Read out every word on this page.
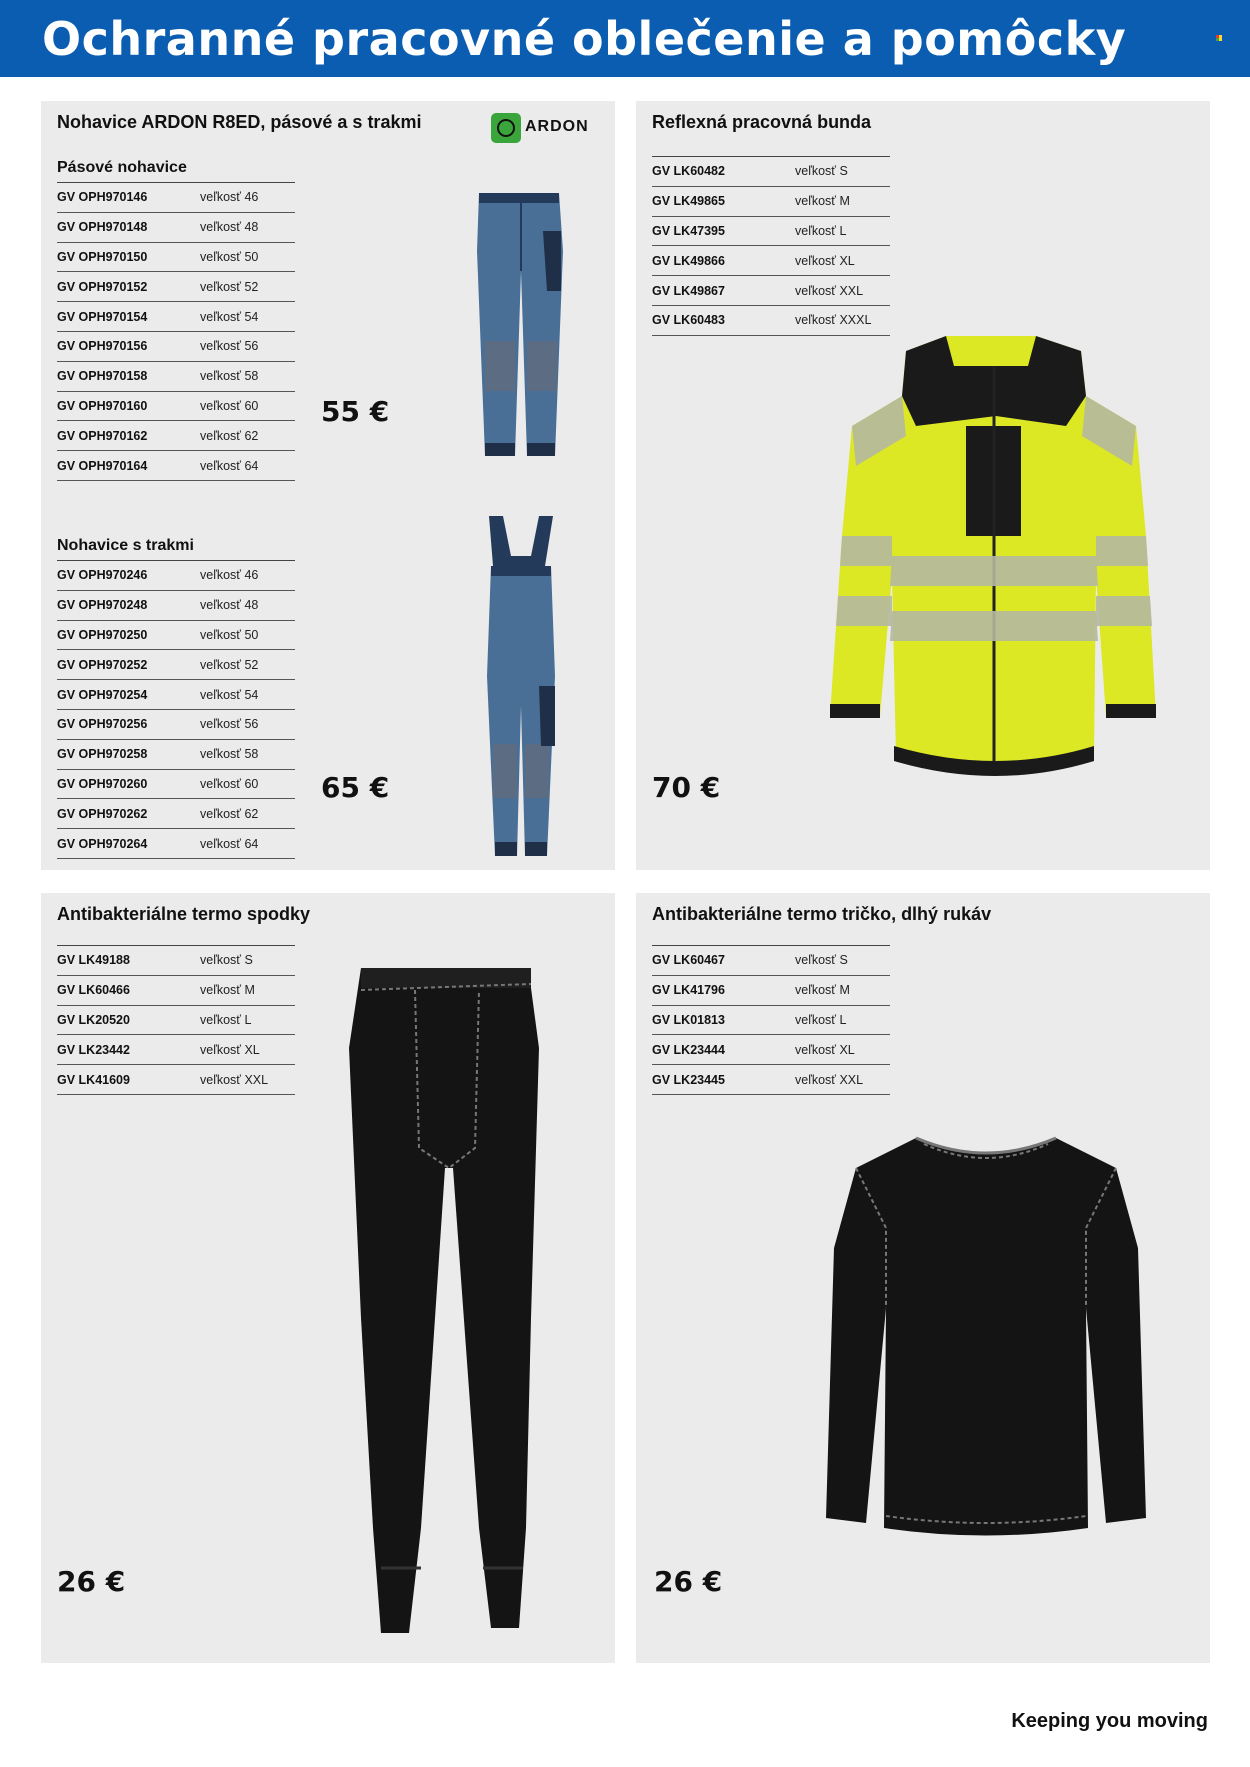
Ochranné pracovné oblečenie a pomôcky
Nohavice ARDON R8ED, pásové a s trakmi	ARDON
Pásové nohavice
GV OPH970146	veľkosť 46
GV OPH970148	veľkosť 48
GV OPH970150	veľkosť 50
GV OPH970152	veľkosť 52
GV OPH970154	veľkosť 54
GV OPH970156	veľkosť 56
GV OPH970158	veľkosť 58
GV OPH970160	veľkosť 60
GV OPH970162	veľkosť 62
GV OPH970164	veľkosť 64
55 €
Nohavice s trakmi
GV OPH970246	veľkosť 46
GV OPH970248	veľkosť 48
GV OPH970250	veľkosť 50
GV OPH970252	veľkosť 52
GV OPH970254	veľkosť 54
GV OPH970256	veľkosť 56
GV OPH970258	veľkosť 58
GV OPH970260	veľkosť 60
GV OPH970262	veľkosť 62
GV OPH970264	veľkosť 64
65 €
Reflexná pracovná bunda
GV LK60482	veľkosť S
GV LK49865	veľkosť M
GV LK47395	veľkosť L
GV LK49866	veľkosť XL
GV LK49867	veľkosť XXL
GV LK60483	veľkosť XXXL
70 €
Antibakteriálne termo spodky
GV LK49188	veľkosť S
GV LK60466	veľkosť M
GV LK20520	veľkosť L
GV LK23442	veľkosť XL
GV LK41609	veľkosť XXL
26 €
Antibakteriálne termo tričko, dlhý rukáv
GV LK60467	veľkosť S
GV LK41796	veľkosť M
GV LK01813	veľkosť L
GV LK23444	veľkosť XL
GV LK23445	veľkosť XXL
26 €
Keeping you moving
